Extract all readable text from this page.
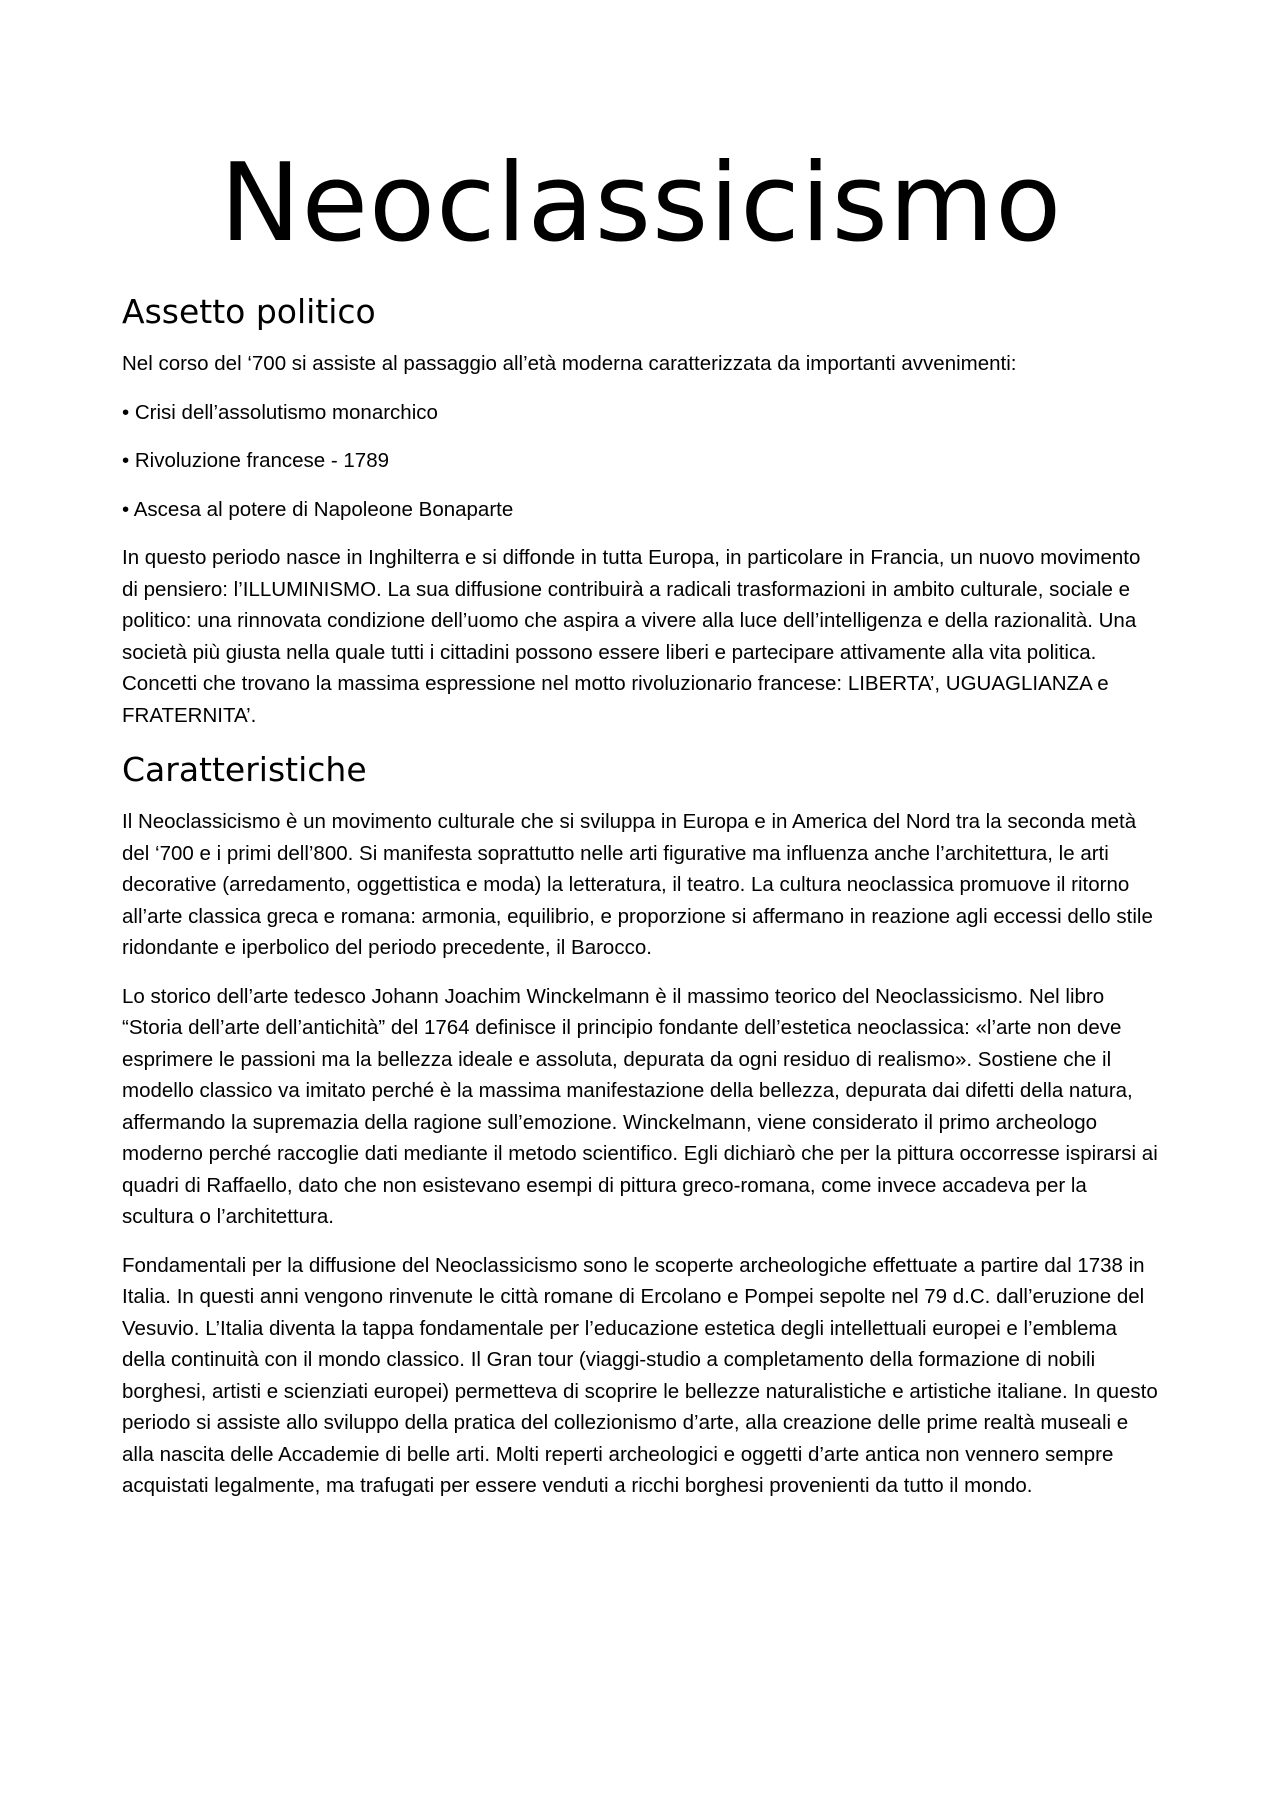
Neoclassicismo
Assetto politico

Nel corso del ‘700 si assiste al passaggio all’età moderna caratterizzata da importanti avvenimenti:

• Crisi dell’assolutismo monarchico
• Rivoluzione francese - 1789
• Ascesa al potere di Napoleone Bonaparte

In questo periodo nasce in Inghilterra e si diffonde in tutta Europa, in particolare in Francia, un nuovo movimento di pensiero: l’ILLUMINISMO. La sua diffusione contribuirà a radicali trasformazioni in ambito culturale, sociale e politico: una rinnovata condizione dell’uomo che aspira a vivere alla luce dell’intelligenza e della razionalità. Una società più giusta nella quale tutti i cittadini possono essere liberi e partecipare attivamente alla vita politica. Concetti che trovano la massima espressione nel motto rivoluzionario francese: LIBERTA’, UGUAGLIANZA e FRATERNITA’.

Caratteristiche

Il Neoclassicismo è un movimento culturale che si sviluppa in Europa e in America del Nord tra la seconda metà del ‘700 e i primi dell’800. Si manifesta soprattutto nelle arti figurative ma influenza anche l’architettura, le arti decorative (arredamento, oggettistica e moda) la letteratura, il teatro. La cultura neoclassica promuove il ritorno all’arte classica greca e romana: armonia, equilibrio, e proporzione si affermano in reazione agli eccessi dello stile ridondante e iperbolico del periodo precedente, il Barocco.

Lo storico dell’arte tedesco Johann Joachim Winckelmann è il massimo teorico del Neoclassicismo. Nel libro “Storia dell’arte dell’antichità” del 1764 definisce il principio fondante dell’estetica neoclassica: «l’arte non deve esprimere le passioni ma la bellezza ideale e assoluta, depurata da ogni residuo di realismo». Sostiene che il modello classico va imitato perché è la massima manifestazione della bellezza, depurata dai difetti della natura, affermando la supremazia della ragione sull’emozione. Winckelmann, viene considerato il primo archeologo moderno perché raccoglie dati mediante il metodo scientifico. Egli dichiarò che per la pittura occorresse ispirarsi ai quadri di Raffaello, dato che non esistevano esempi di pittura greco-romana, come invece accadeva per la scultura o l’architettura.

Fondamentali per la diffusione del Neoclassicismo sono le scoperte archeologiche effettuate a partire dal 1738 in Italia. In questi anni vengono rinvenute le città romane di Ercolano e Pompei sepolte nel 79 d.C. dall’eruzione del Vesuvio. L’Italia diventa la tappa fondamentale per l’educazione estetica degli intellettuali europei e l’emblema della continuità con il mondo classico. Il Gran tour (viaggi-studio a completamento della formazione di nobili borghesi, artisti e scienziati europei) permetteva di scoprire le bellezze naturalistiche e artistiche italiane. In questo periodo si assiste allo sviluppo della pratica del collezionismo d’arte, alla creazione delle prime realtà museali e alla nascita delle Accademie di belle arti. Molti reperti archeologici e oggetti d’arte antica non vennero sempre acquistati legalmente, ma trafugati per essere venduti a ricchi borghesi provenienti da tutto il mondo.
